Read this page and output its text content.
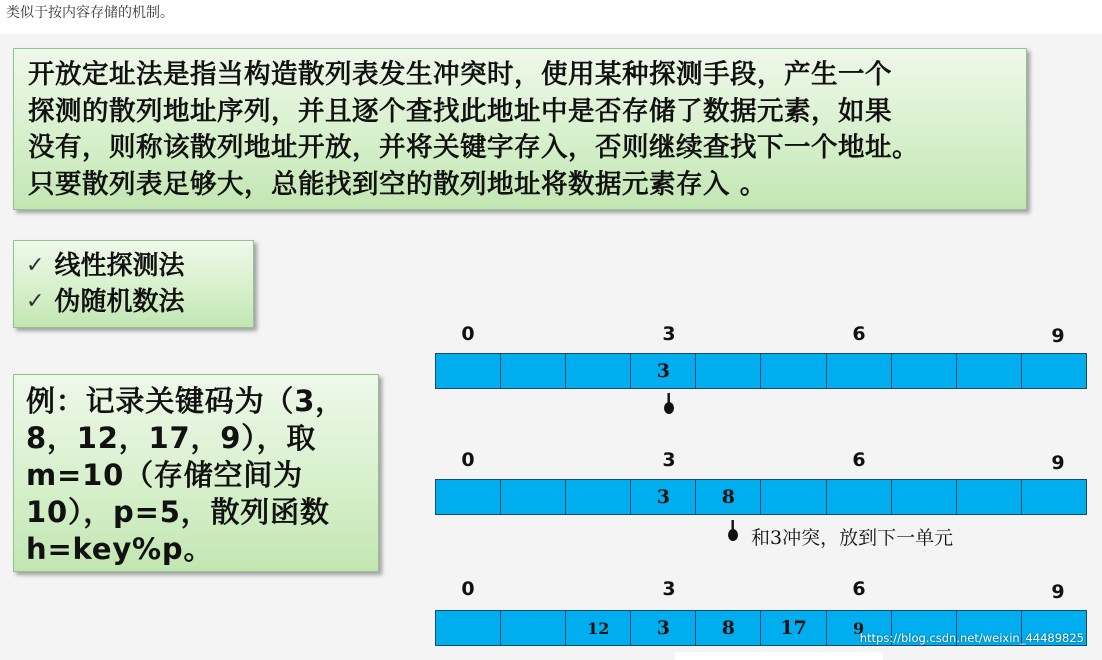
类似于按内容存储的机制。
开放定址法是指当构造散列表发生冲突时，使用某种探测手段，产生一个
探测的散列地址序列，并且逐个查找此地址中是否存储了数据元素，如果
没有，则称该散列地址开放，并将关键字存入，否则继续查找下一个地址。
只要散列表足够大，总能找到空的散列地址将数据元素存入 。
✓ 线性探测法
✓ 伪随机数法
例：记录关键码为（3，
8，12，17，9），取
m=10（存储空间为
10），p=5，散列函数
h=key%p。
0	3	6	9
3
0	3	6	9
3	8
和3冲突，放到下一单元
0	3	6	9
12	3	8	17	9
https://blog.csdn.net/weixin_44489825
